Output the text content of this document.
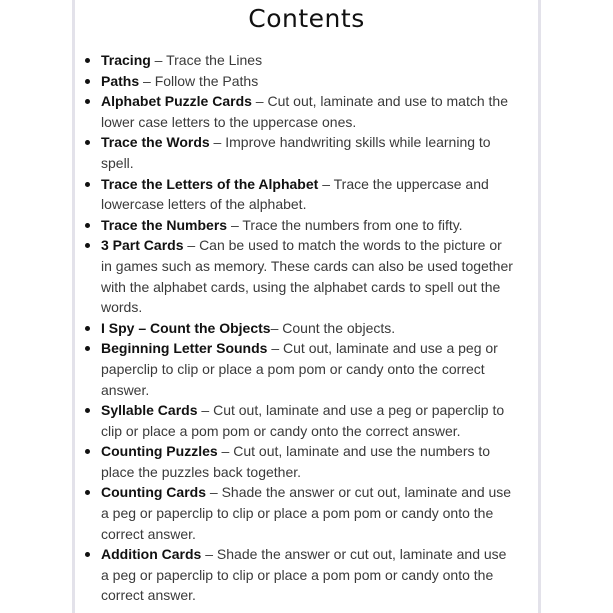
Contents
Tracing – Trace the Lines
Paths – Follow the Paths
Alphabet Puzzle Cards – Cut out, laminate and use to match the lower case letters to the uppercase ones.
Trace the Words – Improve handwriting skills while learning to spell.
Trace the Letters of the Alphabet – Trace the uppercase and lowercase letters of the alphabet.
Trace the Numbers – Trace the numbers from one to fifty.
3 Part Cards – Can be used to match the words to the picture or in games such as memory. These cards can also be used together with the alphabet cards, using the alphabet cards to spell out the words.
I Spy – Count the Objects– Count the objects.
Beginning Letter Sounds – Cut out, laminate and use a peg or paperclip to clip or place a pom pom or candy onto the correct answer.
Syllable Cards – Cut out, laminate and use a peg or paperclip to clip or place a pom pom or candy onto the correct answer.
Counting Puzzles – Cut out, laminate and use the numbers to place the puzzles back together.
Counting Cards – Shade the answer or cut out, laminate and use a peg or paperclip to clip or place a pom pom or candy onto the correct answer.
Addition Cards – Shade the answer or cut out, laminate and use a peg or paperclip to clip or place a pom pom or candy onto the correct answer.
